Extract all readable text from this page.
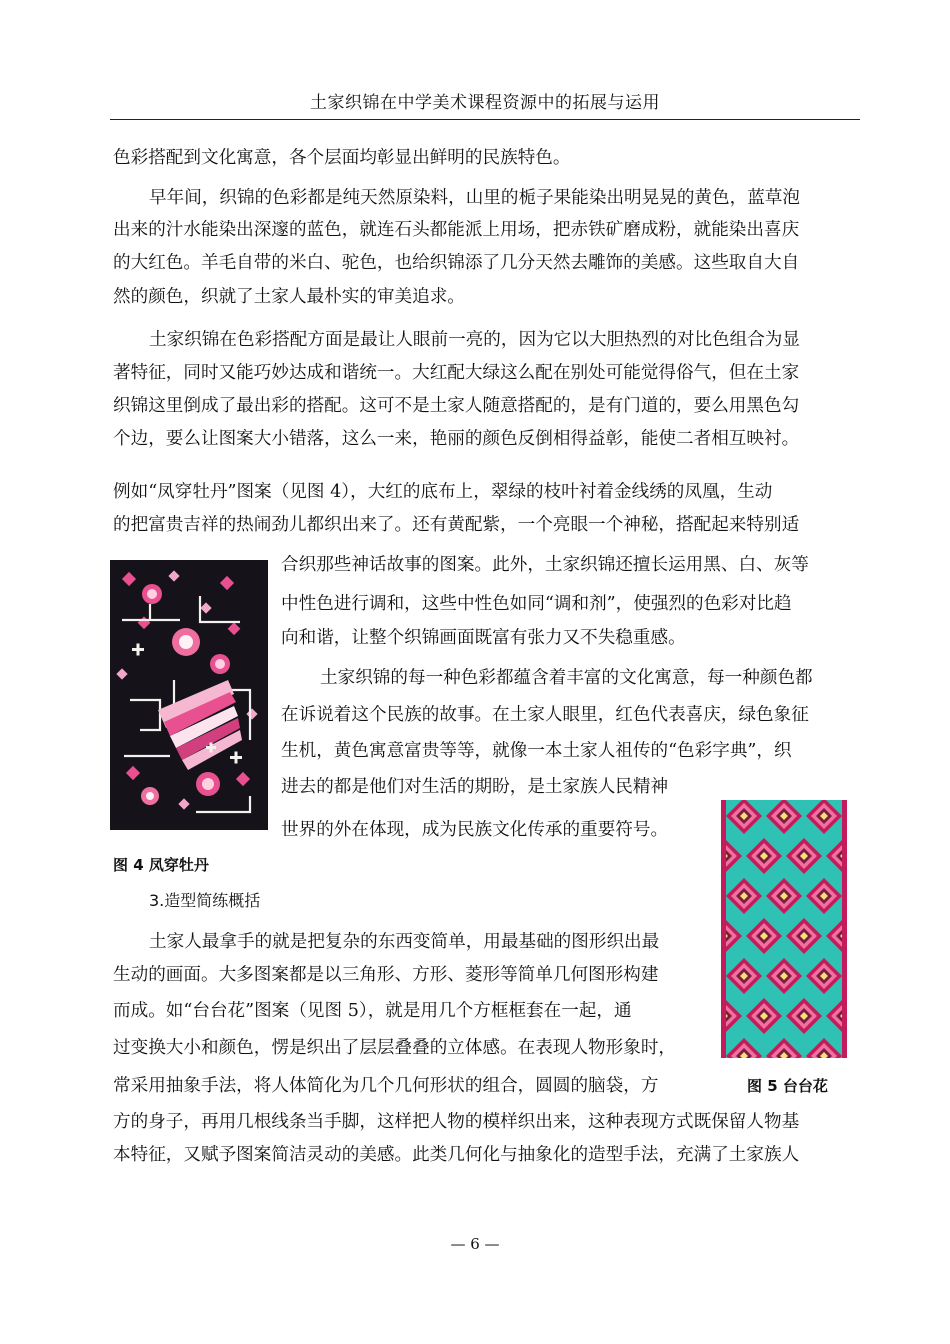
土家织锦在中学美术课程资源中的拓展与运用
色彩搭配到文化寓意，各个层面均彰显出鲜明的民族特色。
早年间，织锦的色彩都是纯天然原染料，山里的栀子果能染出明晃晃的黄色，蓝草泡
出来的汁水能染出深邃的蓝色，就连石头都能派上用场，把赤铁矿磨成粉，就能染出喜庆
的大红色。羊毛自带的米白、驼色，也给织锦添了几分天然去雕饰的美感。这些取自大自
然的颜色，织就了土家人最朴实的审美追求。
土家织锦在色彩搭配方面是最让人眼前一亮的，因为它以大胆热烈的对比色组合为显
著特征，同时又能巧妙达成和谐统一。大红配大绿这么配在别处可能觉得俗气，但在土家
织锦这里倒成了最出彩的搭配。这可不是土家人随意搭配的，是有门道的，要么用黑色勾
个边，要么让图案大小错落，这么一来，艳丽的颜色反倒相得益彰，能使二者相互映衬。
例如“凤穿牡丹”图案（见图 4），大红的底布上，翠绿的枝叶衬着金线绣的凤凰，生动
的把富贵吉祥的热闹劲儿都织出来了。还有黄配紫，一个亮眼一个神秘，搭配起来特别适
合织那些神话故事的图案。此外，土家织锦还擅长运用黑、白、灰等
中性色进行调和，这些中性色如同“调和剂”，使强烈的色彩对比趋
向和谐，让整个织锦画面既富有张力又不失稳重感。
土家织锦的每一种色彩都蕴含着丰富的文化寓意，每一种颜色都
在诉说着这个民族的故事。在土家人眼里，红色代表喜庆，绿色象征
生机，黄色寓意富贵等等，就像一本土家人祖传的“色彩字典”，织
进去的都是他们对生活的期盼，是土家族人民精神
世界的外在体现，成为民族文化传承的重要符号。
图 4 凤穿牡丹
3.造型简练概括
土家人最拿手的就是把复杂的东西变简单，用最基础的图形织出最
生动的画面。大多图案都是以三角形、方形、菱形等简单几何图形构建
而成。如“台台花”图案（见图 5），就是用几个方框框套在一起，通
过变换大小和颜色，愣是织出了层层叠叠的立体感。在表现人物形象时，
常采用抽象手法，将人体简化为几个几何形状的组合，圆圆的脑袋，方	图 5 台台花
方的身子，再用几根线条当手脚，这样把人物的模样织出来，这种表现方式既保留人物基
本特征，又赋予图案简洁灵动的美感。此类几何化与抽象化的造型手法，充满了土家族人
— 6 —
